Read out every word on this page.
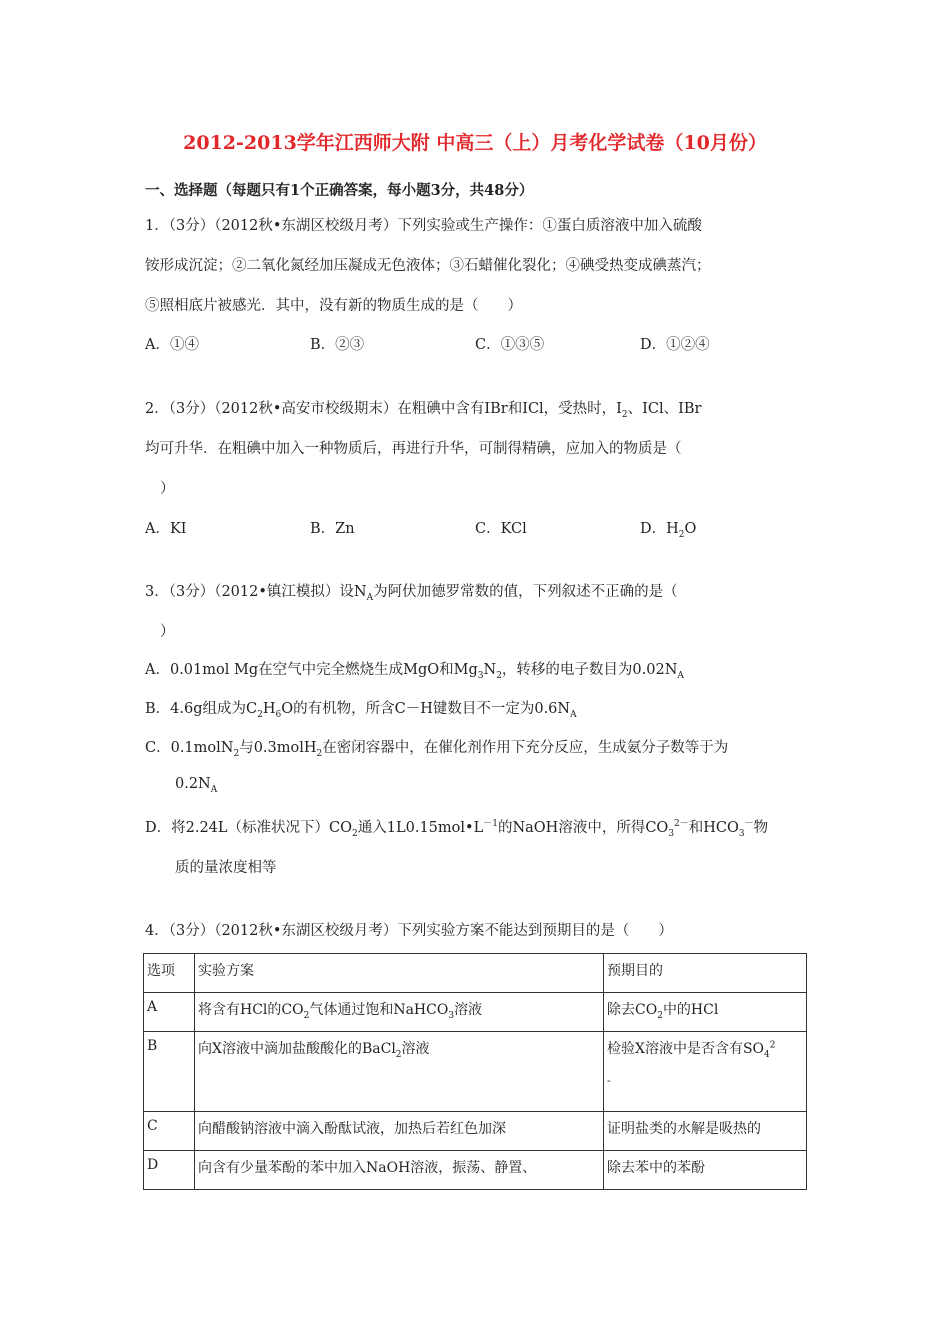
2012-2013学年江西师大附 中高三（上）月考化学试卷（10月份）
一、选择题（每题只有1个正确答案，每小题3分，共48分）
1．（3分）（2012秋•东湖区校级月考）下列实验或生产操作：①蛋白质溶液中加入硫酸
铵形成沉淀；②二氧化氮经加压凝成无色液体；③石蜡催化裂化；④碘受热变成碘蒸汽；
⑤照相底片被感光．其中，没有新的物质生成的是（　　）
A．①④	B．②③	C．①③⑤	D．①②④
2．（3分）（2012秋•高安市校级期末）在粗碘中含有IBr和ICl，受热时，$I_2$、ICl、IBr
均可升华．在粗碘中加入一种物质后，再进行升华，可制得精碘，应加入的物质是（
）
A．KI	B．Zn	C．KCl	D．$H_2O$
3．（3分）（2012•镇江模拟）设$N_A$为阿伏加德罗常数的值，下列叙述不正确的是（
）
A．0.01mol Mg在空气中完全燃烧生成MgO和$Mg_3N_2$，转移的电子数目为$0.02N_A$
B．4.6g组成为$C_2H_6O$的有机物，所含C－H键数目不一定为$0.6N_A$
C．0.1molN$_2$与0.3molH$_2$在密闭容器中，在催化剂作用下充分反应，生成氨分子数等于为
$0.2N_A$
D．将2.24L（标准状况下）$CO_2$通入$1L0.15mol•L^{-1}$的NaOH溶液中，所得$CO_3^{2-}$和$HCO_3^-$物
质的量浓度相等
4．（3分）（2012秋•东湖区校级月考）下列实验方案不能达到预期目的是（　　）
选项	实验方案	预期目的
A	将含有HCl的$CO_2$气体通过饱和NaHCO$_3$溶液	除去$CO_2$中的HCl
B	向X溶液中滴加盐酸酸化的BaCl$_2$溶液	检验X溶液中是否含有$SO_4^2$
-
C	向醋酸钠溶液中滴入酚酞试液，加热后若红色加深	证明盐类的水解是吸热的
D	向含有少量苯酚的苯中加入NaOH溶液，振荡、静置、	除去苯中的苯酚
